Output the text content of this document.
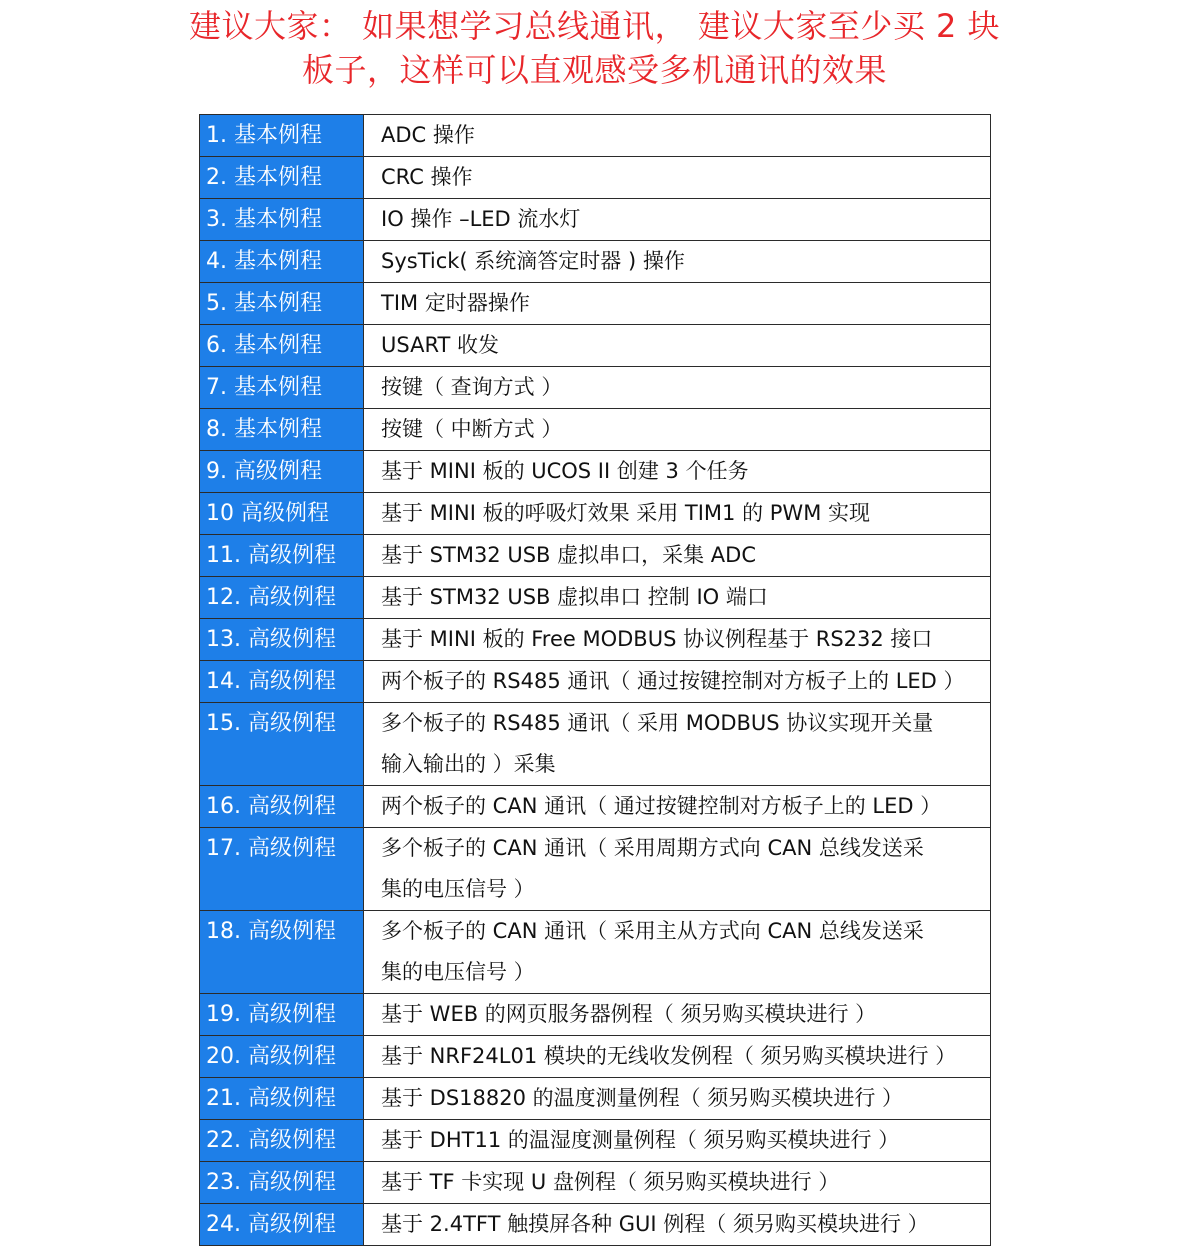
建议大家： 如果想学习总线通讯， 建议大家至少买 2 块
板子，这样可以直观感受多机通讯的效果
1. 基本例程	ADC 操作

2. 基本例程	CRC 操作

3. 基本例程	IO 操作 –LED 流水灯

4. 基本例程	SysTick( 系统滴答定时器 ) 操作

5. 基本例程	TIM 定时器操作

6. 基本例程	USART 收发

7. 基本例程	按键（ 查询方式 ）

8. 基本例程	按键（ 中断方式 ）

9. 高级例程	基于 MINI 板的 UCOS II 创建 3 个任务

10 高级例程	基于 MINI 板的呼吸灯效果 采用 TIM1 的 PWM 实现

11. 高级例程	基于 STM32 USB 虚拟串口，采集 ADC

12. 高级例程	基于 STM32 USB 虚拟串口 控制 IO 端口

13. 高级例程	基于 MINI 板的 Free MODBUS 协议例程基于 RS232 接口

14. 高级例程	两个板子的 RS485 通讯（ 通过按键控制对方板子上的 LED ）

15. 高级例程	多个板子的 RS485 通讯（ 采用 MODBUS 协议实现开关量
输入输出的 ）采集

16. 高级例程	两个板子的 CAN 通讯（ 通过按键控制对方板子上的 LED ）

17. 高级例程	多个板子的 CAN 通讯（ 采用周期方式向 CAN 总线发送采
集的电压信号 ）

18. 高级例程	多个板子的 CAN 通讯（ 采用主从方式向 CAN 总线发送采
集的电压信号 ）

19. 高级例程	基于 WEB 的网页服务器例程（ 须另购买模块进行 ）

20. 高级例程	基于 NRF24L01 模块的无线收发例程（ 须另购买模块进行 ）

21. 高级例程	基于 DS18820 的温度测量例程（ 须另购买模块进行 ）

22. 高级例程	基于 DHT11 的温湿度测量例程（ 须另购买模块进行 ）

23. 高级例程	基于 TF 卡实现 U 盘例程（ 须另购买模块进行 ）

24. 高级例程	基于 2.4TFT 触摸屏各种 GUI 例程（ 须另购买模块进行 ）
